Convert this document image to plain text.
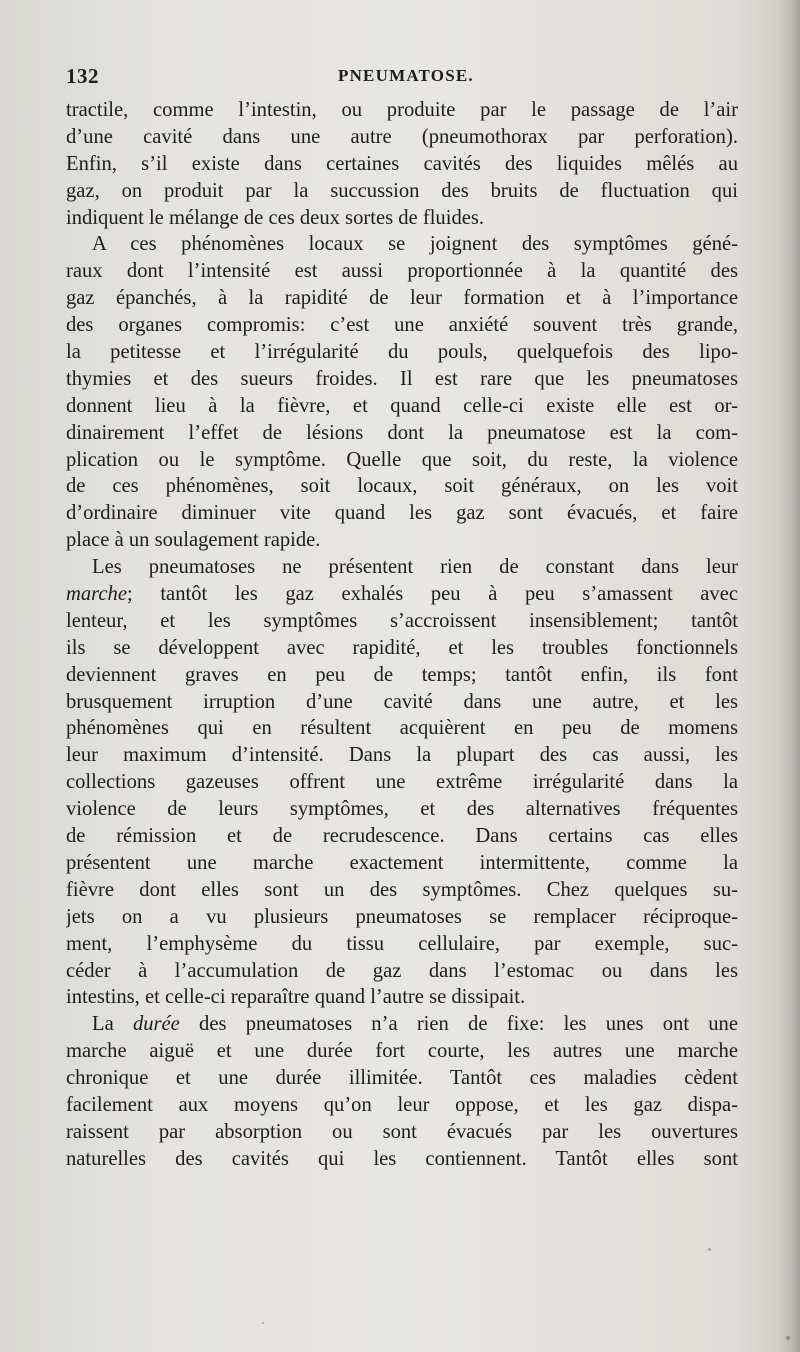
132	PNEUMATOSE.
tractile, comme l’intestin, ou produite par le passage de l’air
d’une cavité dans une autre (pneumothorax par perforation).
Enfin, s’il existe dans certaines cavités des liquides mêlés au
gaz, on produit par la succussion des bruits de fluctuation qui
indiquent le mélange de ces deux sortes de fluides.
A ces phénomènes locaux se joignent des symptômes géné-
raux dont l’intensité est aussi proportionnée à la quantité des
gaz épanchés, à la rapidité de leur formation et à l’importance
des organes compromis: c’est une anxiété souvent très grande,
la petitesse et l’irrégularité du pouls, quelquefois des lipo-
thymies et des sueurs froides. Il est rare que les pneumatoses
donnent lieu à la fièvre, et quand celle-ci existe elle est or-
dinairement l’effet de lésions dont la pneumatose est la com-
plication ou le symptôme. Quelle que soit, du reste, la violence
de ces phénomènes, soit locaux, soit généraux, on les voit
d’ordinaire diminuer vite quand les gaz sont évacués, et faire
place à un soulagement rapide.
Les pneumatoses ne présentent rien de constant dans leur
marche; tantôt les gaz exhalés peu à peu s’amassent avec
lenteur, et les symptômes s’accroissent insensiblement; tantôt
ils se développent avec rapidité, et les troubles fonctionnels
deviennent graves en peu de temps; tantôt enfin, ils font
brusquement irruption d’une cavité dans une autre, et les
phénomènes qui en résultent acquièrent en peu de momens
leur maximum d’intensité. Dans la plupart des cas aussi, les
collections gazeuses offrent une extrême irrégularité dans la
violence de leurs symptômes, et des alternatives fréquentes
de rémission et de recrudescence. Dans certains cas elles
présentent une marche exactement intermittente, comme la
fièvre dont elles sont un des symptômes. Chez quelques su-
jets on a vu plusieurs pneumatoses se remplacer réciproque-
ment, l’emphysème du tissu cellulaire, par exemple, suc-
céder à l’accumulation de gaz dans l’estomac ou dans les
intestins, et celle-ci reparaître quand l’autre se dissipait.
La durée des pneumatoses n’a rien de fixe: les unes ont une
marche aiguë et une durée fort courte, les autres une marche
chronique et une durée illimitée. Tantôt ces maladies cèdent
facilement aux moyens qu’on leur oppose, et les gaz dispa-
raissent par absorption ou sont évacués par les ouvertures
naturelles des cavités qui les contiennent. Tantôt elles sont
